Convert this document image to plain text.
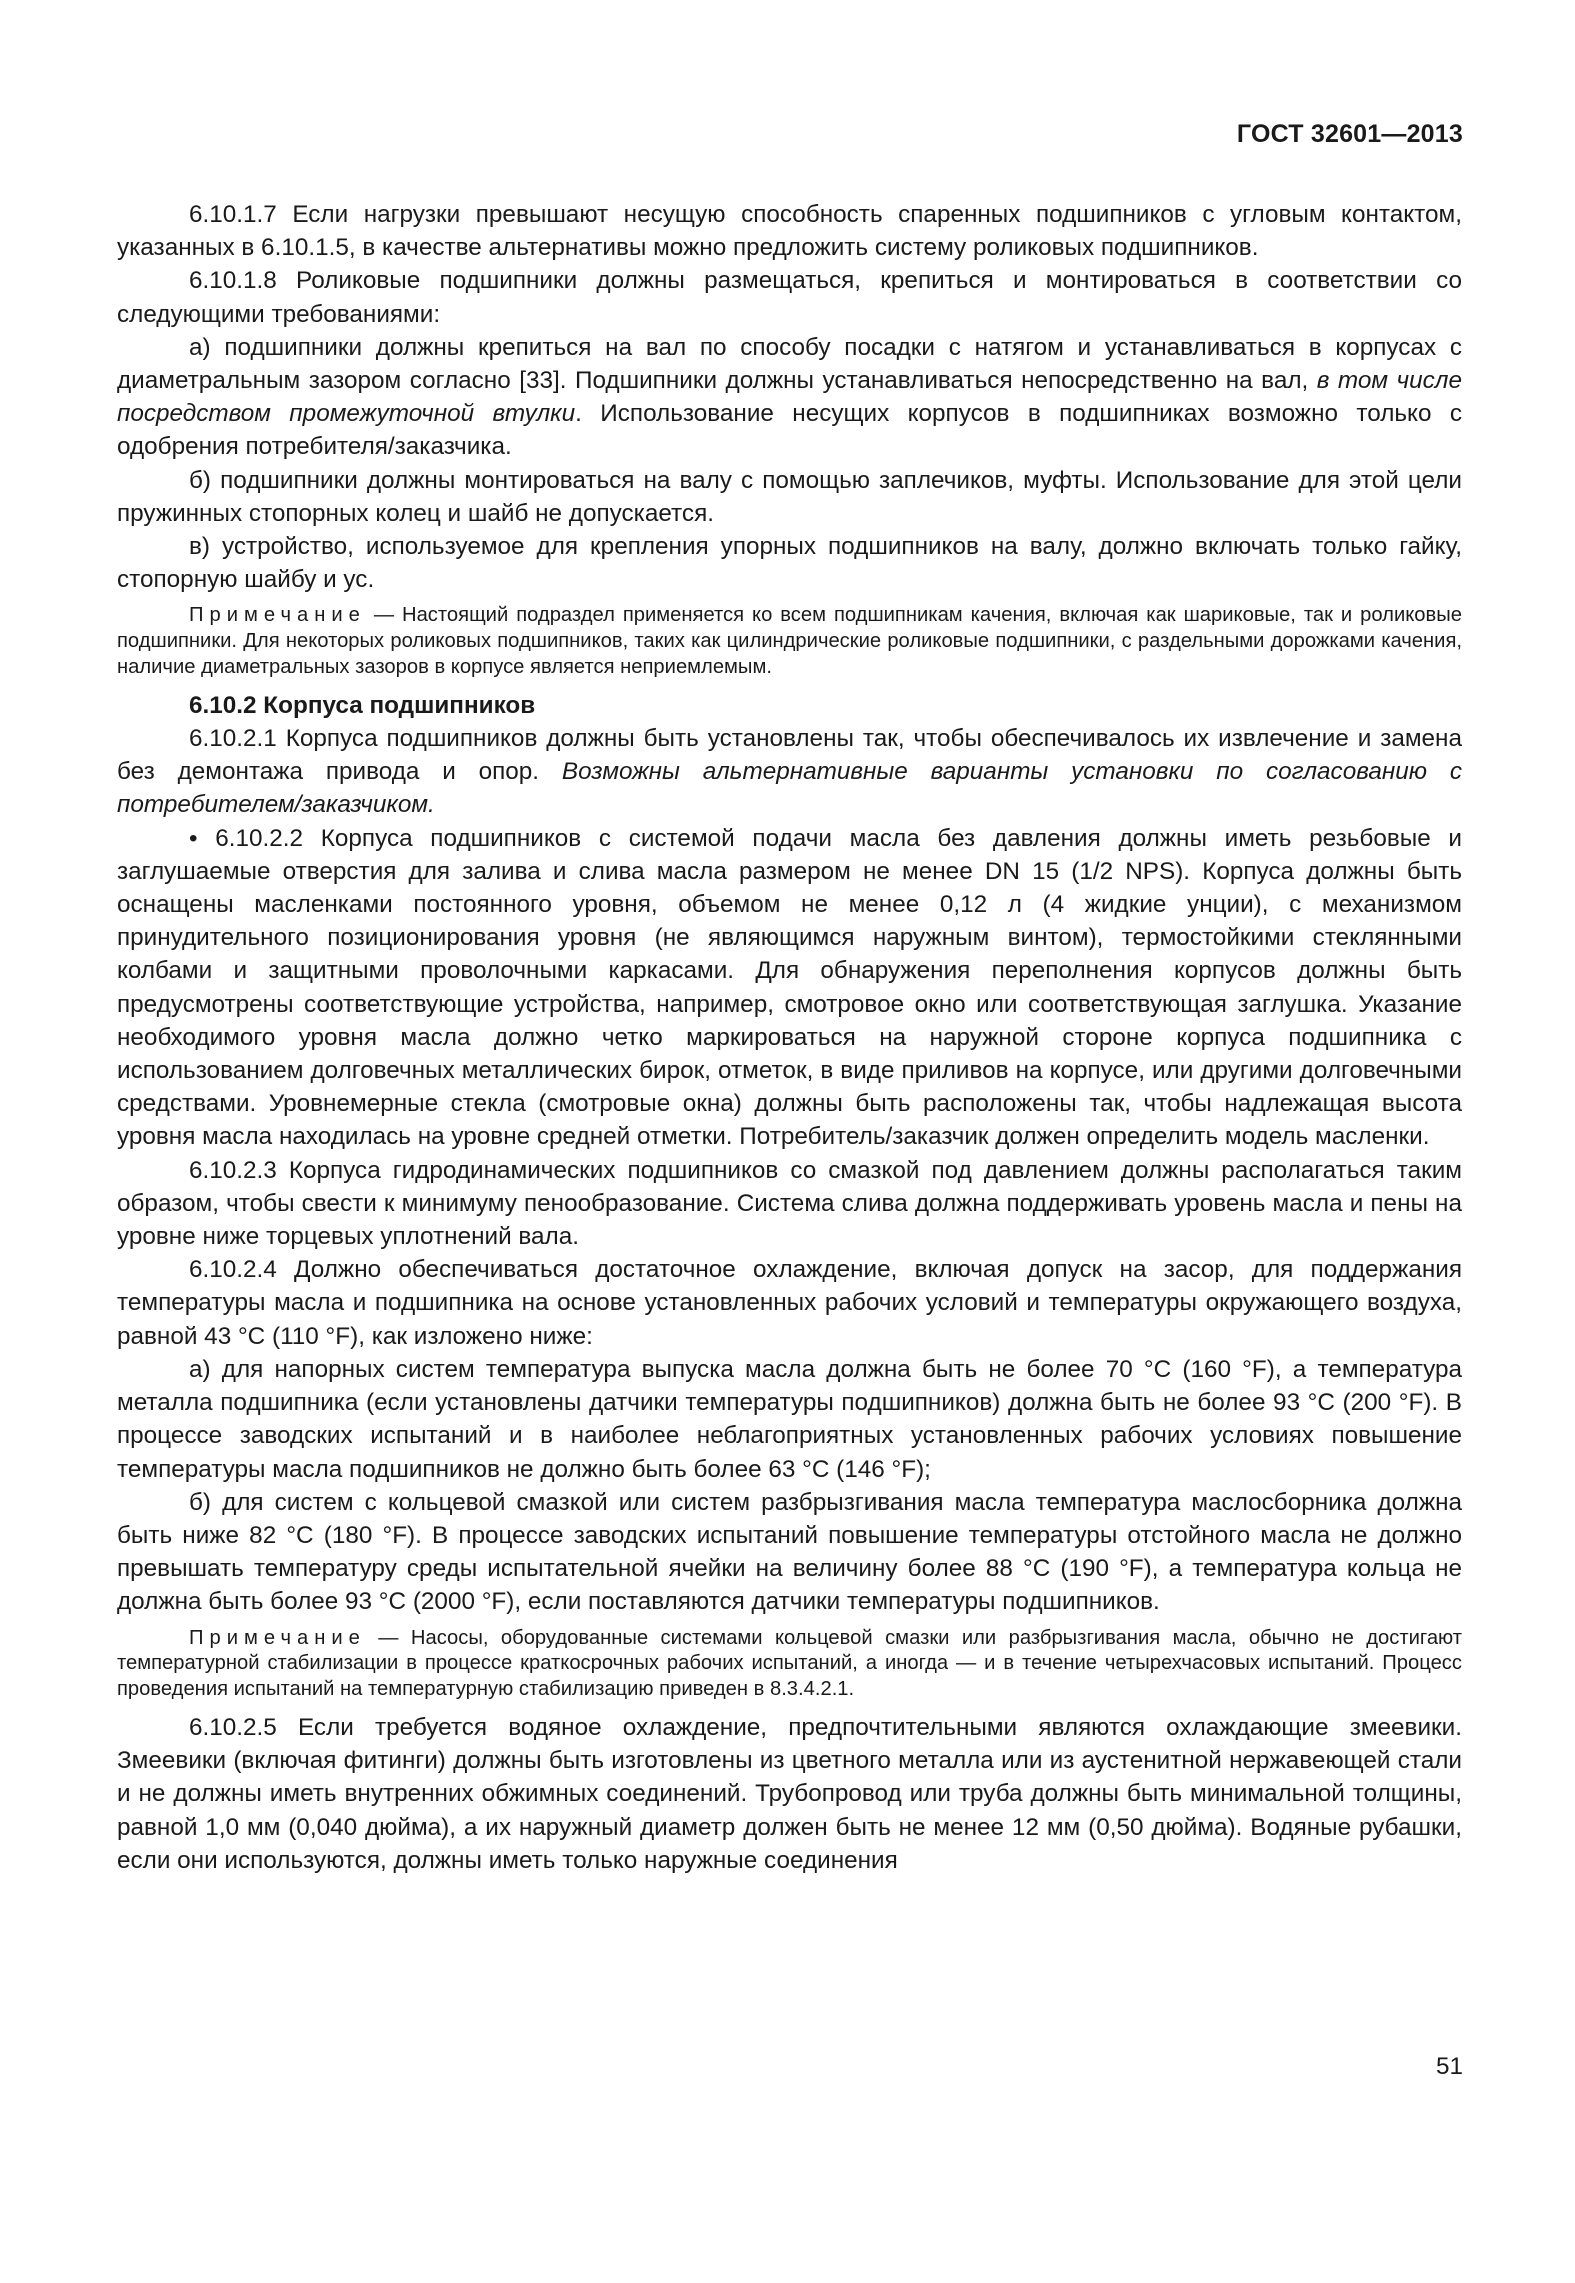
ГОСТ 32601—2013

6.10.1.7 Если нагрузки превышают несущую способность спаренных подшипников с угловым контактом, указанных в 6.10.1.5, в качестве альтернативы можно предложить систему роликовых подшипников.

6.10.1.8 Роликовые подшипники должны размещаться, крепиться и монтироваться в соответствии со следующими требованиями:

а) подшипники должны крепиться на вал по способу посадки с натягом и устанавливаться в корпусах с диаметральным зазором согласно [33]. Подшипники должны устанавливаться непосредственно на вал, в том числе посредством промежуточной втулки. Использование несущих корпусов в подшипниках возможно только с одобрения потребителя/заказчика.

б) подшипники должны монтироваться на валу с помощью заплечиков, муфты. Использование для этой цели пружинных стопорных колец и шайб не допускается.

в) устройство, используемое для крепления упорных подшипников на валу, должно включать только гайку, стопорную шайбу и ус.

Примечание — Настоящий подраздел применяется ко всем подшипникам качения, включая как шариковые, так и роликовые подшипники. Для некоторых роликовых подшипников, таких как цилиндрические роликовые подшипники, с раздельными дорожками качения, наличие диаметральных зазоров в корпусе является неприемлемым.

6.10.2 Корпуса подшипников

6.10.2.1 Корпуса подшипников должны быть установлены так, чтобы обеспечивалось их извлечение и замена без демонтажа привода и опор. Возможны альтернативные варианты установки по согласованию с потребителем/заказчиком.

• 6.10.2.2 Корпуса подшипников с системой подачи масла без давления должны иметь резьбовые и заглушаемые отверстия для залива и слива масла размером не менее DN 15 (1/2 NPS). Корпуса должны быть оснащены масленками постоянного уровня, объемом не менее 0,12 л (4 жидкие унции), с механизмом принудительного позиционирования уровня (не являющимся наружным винтом), термостойкими стеклянными колбами и защитными проволочными каркасами. Для обнаружения переполнения корпусов должны быть предусмотрены соответствующие устройства, например, смотровое окно или соответствующая заглушка. Указание необходимого уровня масла должно четко маркироваться на наружной стороне корпуса подшипника с использованием долговечных металлических бирок, отметок, в виде приливов на корпусе, или другими долговечными средствами. Уровнемерные стекла (смотровые окна) должны быть расположены так, чтобы надлежащая высота уровня масла находилась на уровне средней отметки. Потребитель/заказчик должен определить модель масленки.

6.10.2.3 Корпуса гидродинамических подшипников со смазкой под давлением должны располагаться таким образом, чтобы свести к минимуму пенообразование. Система слива должна поддерживать уровень масла и пены на уровне ниже торцевых уплотнений вала.

6.10.2.4 Должно обеспечиваться достаточное охлаждение, включая допуск на засор, для поддержания температуры масла и подшипника на основе установленных рабочих условий и температуры окружающего воздуха, равной 43 °С (110 °F), как изложено ниже:

а) для напорных систем температура выпуска масла должна быть не более 70 °С (160 °F), а температура металла подшипника (если установлены датчики температуры подшипников) должна быть не более 93 °С (200 °F). В процессе заводских испытаний и в наиболее неблагоприятных установленных рабочих условиях повышение температуры масла подшипников не должно быть более 63 °С (146 °F);

б) для систем с кольцевой смазкой или систем разбрызгивания масла температура маслосборника должна быть ниже 82 °С (180 °F). В процессе заводских испытаний повышение температуры отстойного масла не должно превышать температуру среды испытательной ячейки на величину более 88 °С (190 °F), а температура кольца не должна быть более 93 °С (2000 °F), если поставляются датчики температуры подшипников.

Примечание — Насосы, оборудованные системами кольцевой смазки или разбрызгивания масла, обычно не достигают температурной стабилизации в процессе краткосрочных рабочих испытаний, а иногда — и в течение четырехчасовых испытаний. Процесс проведения испытаний на температурную стабилизацию приведен в 8.3.4.2.1.

6.10.2.5 Если требуется водяное охлаждение, предпочтительными являются охлаждающие змеевики. Змеевики (включая фитинги) должны быть изготовлены из цветного металла или из аустенитной нержавеющей стали и не должны иметь внутренних обжимных соединений. Трубопровод или труба должны быть минимальной толщины, равной 1,0 мм (0,040 дюйма), а их наружный диаметр должен быть не менее 12 мм (0,50 дюйма). Водяные рубашки, если они используются, должны иметь только наружные соединения

51
